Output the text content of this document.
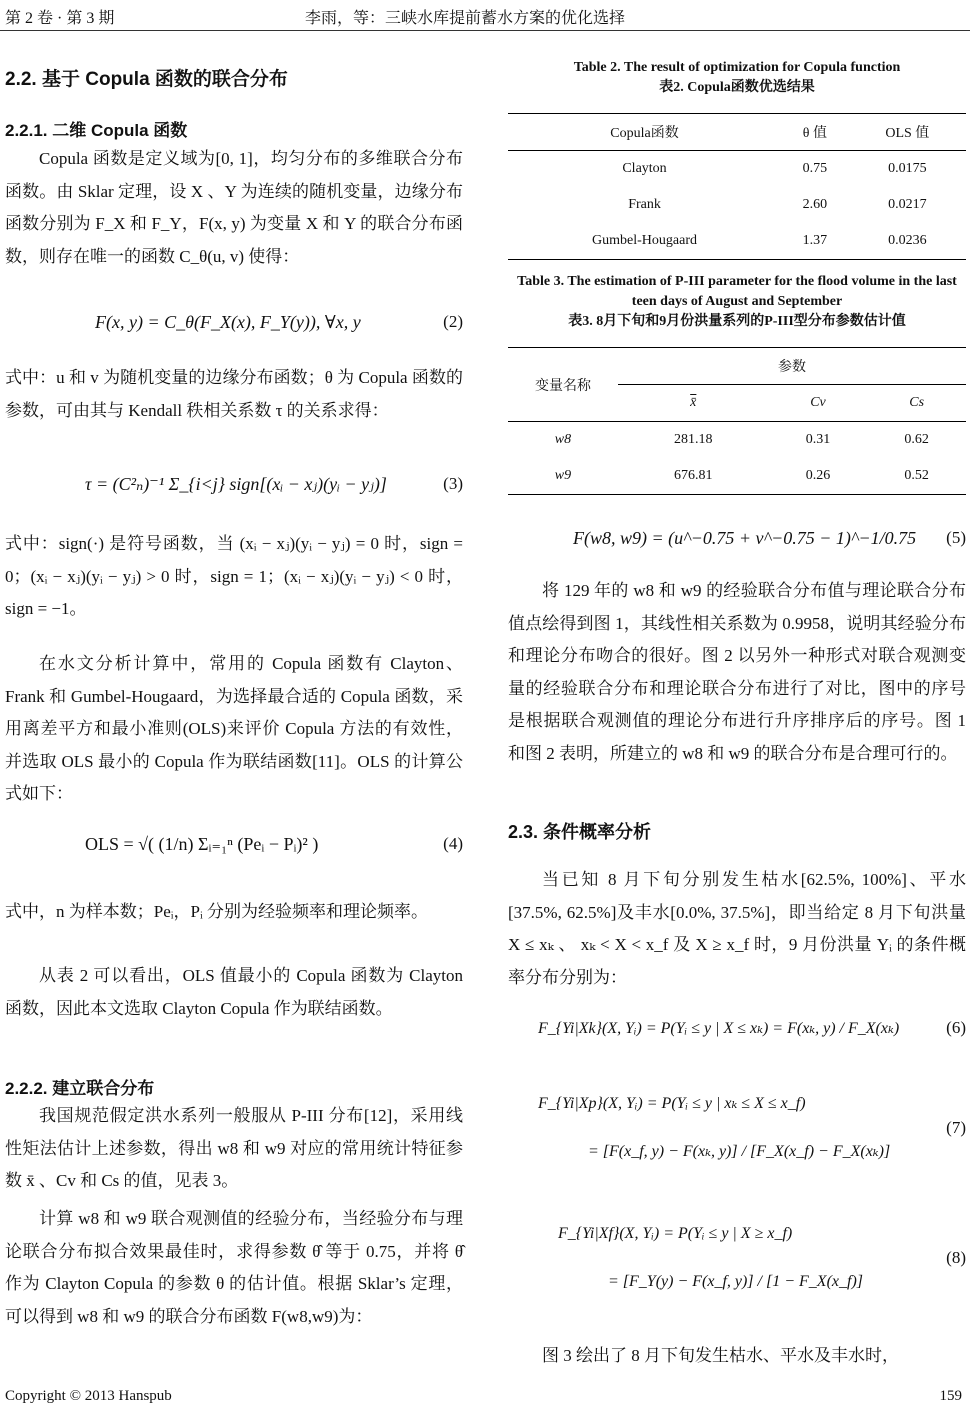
第 2 卷 · 第 3 期	李雨，等：三峡水库提前蓄水方案的优化选择
2.2. 基于 Copula 函数的联合分布
2.2.1. 二维 Copula 函数

Copula 函数是定义域为[0, 1]，均匀分布的多维联合分布函数。由 Sklar 定理，设 X 、Y 为连续的随机变量，边缘分布函数分别为 F_X 和 F_Y，F(x, y) 为变量 X 和 Y 的联合分布函数，则存在唯一的函数 C_θ(u, v) 使得：

F(x, y) = C_θ(F_X(x), F_Y(y)), ∀x, y	(2)

式中：u 和 v 为随机变量的边缘分布函数；θ 为 Copula 函数的参数，可由其与 Kendall 秩相关系数 τ 的关系求得：

τ = (C²ₙ)⁻¹ Σ_{i<j} sign[(xᵢ − xⱼ)(yᵢ − yⱼ)]	(3)

式中：sign(·) 是符号函数，当 (xᵢ − xⱼ)(yᵢ − yⱼ) = 0 时，sign = 0；(xᵢ − xⱼ)(yᵢ − yⱼ) > 0 时，sign = 1；(xᵢ − xⱼ)(yᵢ − yⱼ) < 0 时，sign = −1。

在水文分析计算中，常用的 Copula 函数有 Clayton、Frank 和 Gumbel-Hougaard，为选择最合适的 Copula 函数，采用离差平方和最小准则(OLS)来评价 Copula 方法的有效性，并选取 OLS 最小的 Copula 作为联结函数[11]。OLS 的计算公式如下：

OLS = √( (1/n) Σᵢ₌₁ⁿ (Peᵢ − Pᵢ)² )	(4)

式中，n 为样本数；Peᵢ，Pᵢ 分别为经验频率和理论频率。

从表 2 可以看出，OLS 值最小的 Copula 函数为 Clayton 函数，因此本文选取 Clayton Copula 作为联结函数。

2.2.2. 建立联合分布

我国规范假定洪水系列一般服从 P-III 分布[12]，采用线性矩法估计上述参数，得出 w8 和 w9 对应的常用统计特征参数 x̄ 、Cv 和 Cs 的值，见表 3。

计算 w8 和 w9 联合观测值的经验分布，当经验分布与理论联合分布拟合效果最佳时，求得参数 θ̂ 等于 0.75，并将 θ̂ 作为 Clayton Copula 的参数 θ 的估计值。根据 Sklar’s 定理，可以得到 w8 和 w9 的联合分布函数 F(w8,w9)为：

Table 2. The result of optimization for Copula function
表2. Copula函数优选结果
Copula函数	θ 值	OLS 值
Clayton	0.75	0.0175
Frank	2.60	0.0217
Gumbel-Hougaard	1.37	0.0236
Table 3. The estimation of P-III parameter for the flood volume in the last teen days of August and September
表3. 8月下旬和9月份洪量系列的P-III型分布参数估计值
变量名称	参数		
	x̄	Cv	Cs
w8	281.18	0.31	0.62
w9	676.81	0.26	0.52
F(w8, w9) = (u^−0.75 + v^−0.75 − 1)^−1/0.75 (5)

将 129 年的 w8 和 w9 的经验联合分布值与理论联合分布值点绘得到图 1，其线性相关系数为 0.9958，说明其经验分布和理论分布吻合的很好。图 2 以另外一种形式对联合观测变量的经验联合分布和理论联合分布进行了对比，图中的序号是根据联合观测值的理论分布进行升序排序后的序号。图 1 和图 2 表明，所建立的 w8 和 w9 的联合分布是合理可行的。

2.3. 条件概率分析

当已知 8 月下旬分别发生枯水[62.5%, 100%]、平水[37.5%, 62.5%]及丰水[0.0%, 37.5%]，即当给定 8 月下旬洪量 X ≤ xₖ 、 xₖ < X < x_f 及 X ≥ x_f 时，9 月份洪量 Yᵢ 的条件概率分布分别为：

F_{Yi|Xk}(X, Yᵢ) = P(Yᵢ ≤ y | X ≤ xₖ) = F(xₖ, y) / F_X(xₖ)	(6)
F_{Yi|Xp}(X, Yᵢ) = P(Yᵢ ≤ y | xₖ ≤ X ≤ x_f)
= [F(x_f, y) − F(xₖ, y)] / [F_X(x_f) − F_X(xₖ)]
(7)
F_{Yi|Xf}(X, Yᵢ) = P(Yᵢ ≤ y | X ≥ x_f)
= [F_Y(y) − F(x_f, y)] / [1 − F_X(x_f)]
(8)

图 3 绘出了 8 月下旬发生枯水、平水及丰水时，

Copyright © 2013 Hanspub	159
